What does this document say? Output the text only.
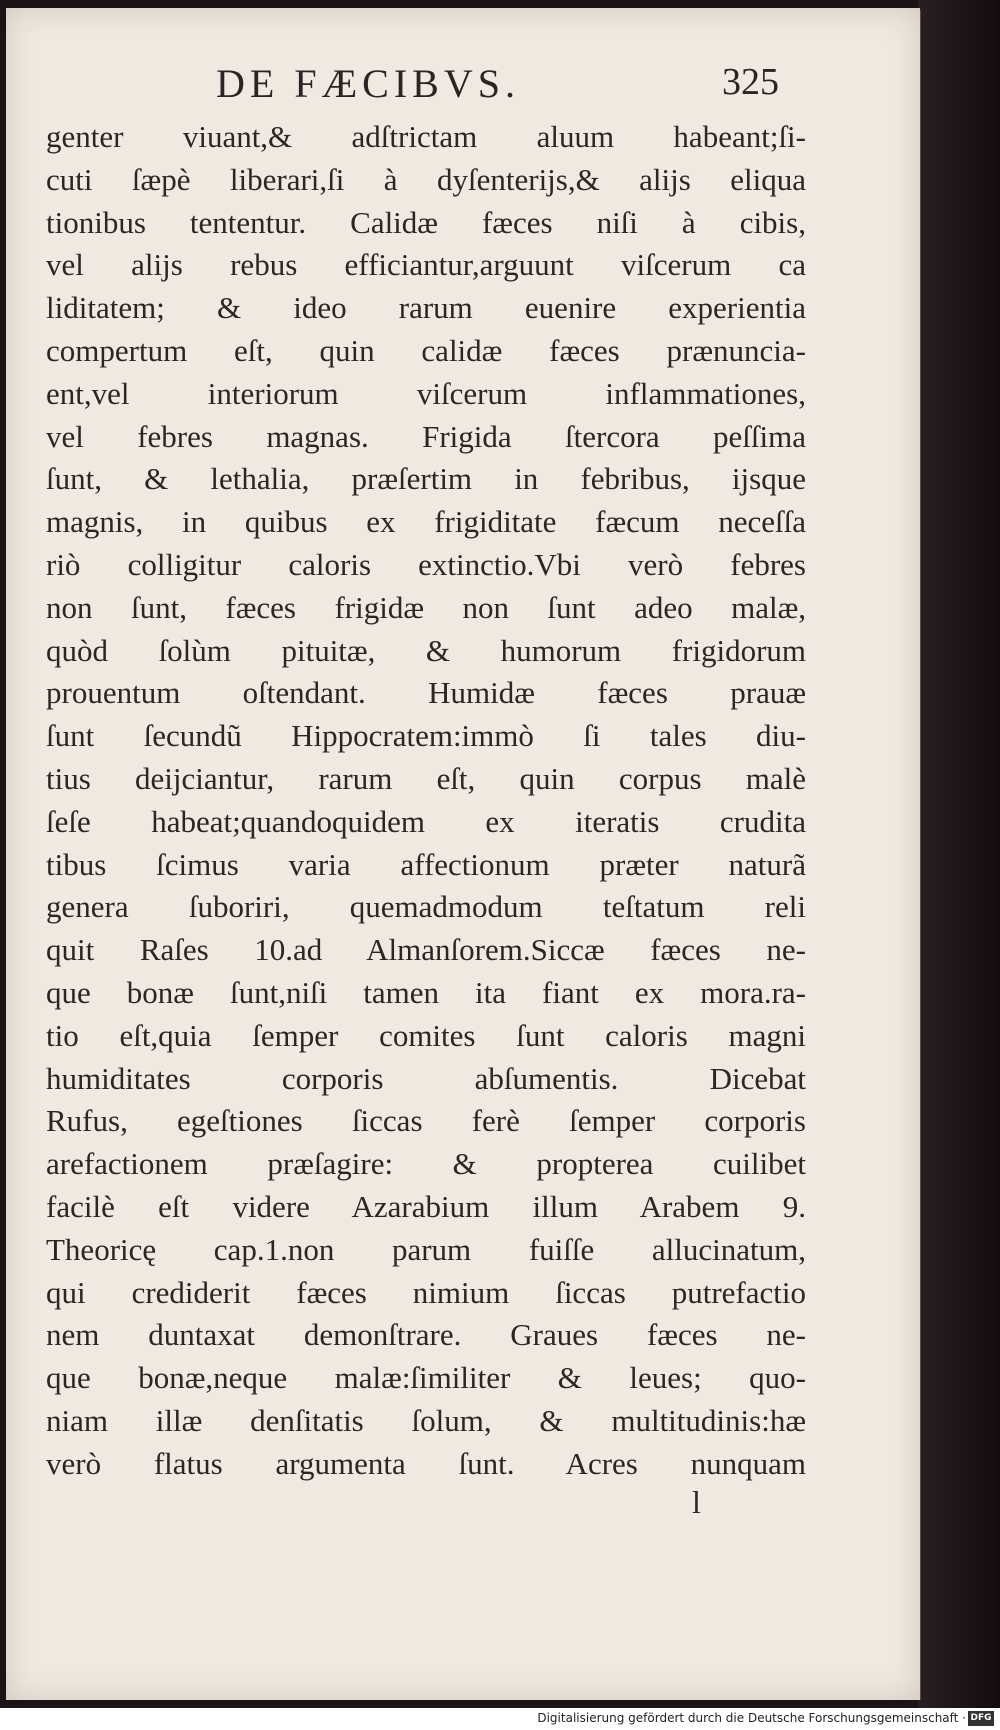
DE FÆCIBVS.	325
genter viuant,& adſtrictam aluum habeant;ſi-
cuti ſæpè liberari,ſi à dyſenterijs,& alijs eliqua
tionibus tententur. Calidæ fæces niſi à cibis,
vel alijs rebus efficiantur,arguunt viſcerum ca
liditatem; & ideo rarum euenire experientia
compertum eſt, quin calidæ fæces prænuncia-
ent,vel interiorum viſcerum inflammationes,
vel febres magnas. Frigida ſtercora peſſima
ſunt, & lethalia, præſertim in febribus, ijsque
magnis, in quibus ex frigiditate fæcum neceſſa
riò colligitur caloris extinctio.Vbi verò febres
non ſunt, fæces frigidæ non ſunt adeo malæ,
quòd ſolùm pituitæ, & humorum frigidorum
prouentum oſtendant. Humidæ fæces prauæ
ſunt ſecundũ Hippocratem:immò ſi tales diu-
tius deijciantur, rarum eſt, quin corpus malè
ſeſe habeat;quandoquidem ex iteratis crudita
tibus ſcimus varia affectionum præter naturã
genera ſuboriri, quemadmodum teſtatum reli
quit Raſes 10.ad Almanſorem.Siccæ fæces ne-
que bonæ ſunt,niſi tamen ita fiant ex mora.ra-
tio eſt,quia ſemper comites ſunt caloris magni
humiditates corporis abſumentis. Dicebat
Rufus, egeſtiones ſiccas ferè ſemper corporis
arefactionem præſagire: & propterea cuilibet
facilè eſt videre Azarabium illum Arabem 9.
Theoricę cap.1.non parum fuiſſe allucinatum,
qui crediderit fæces nimium ſiccas putrefactio
nem duntaxat demonſtrare. Graues fæces ne-
que bonæ,neque malæ:ſimiliter & leues; quo-
niam illæ denſitatis ſolum, & multitudinis:hæ
verò flatus argumenta ſunt. Acres nunquam
l
Digitalisierung gefördert durch die Deutsche Forschungsgemeinschaft · DFG
